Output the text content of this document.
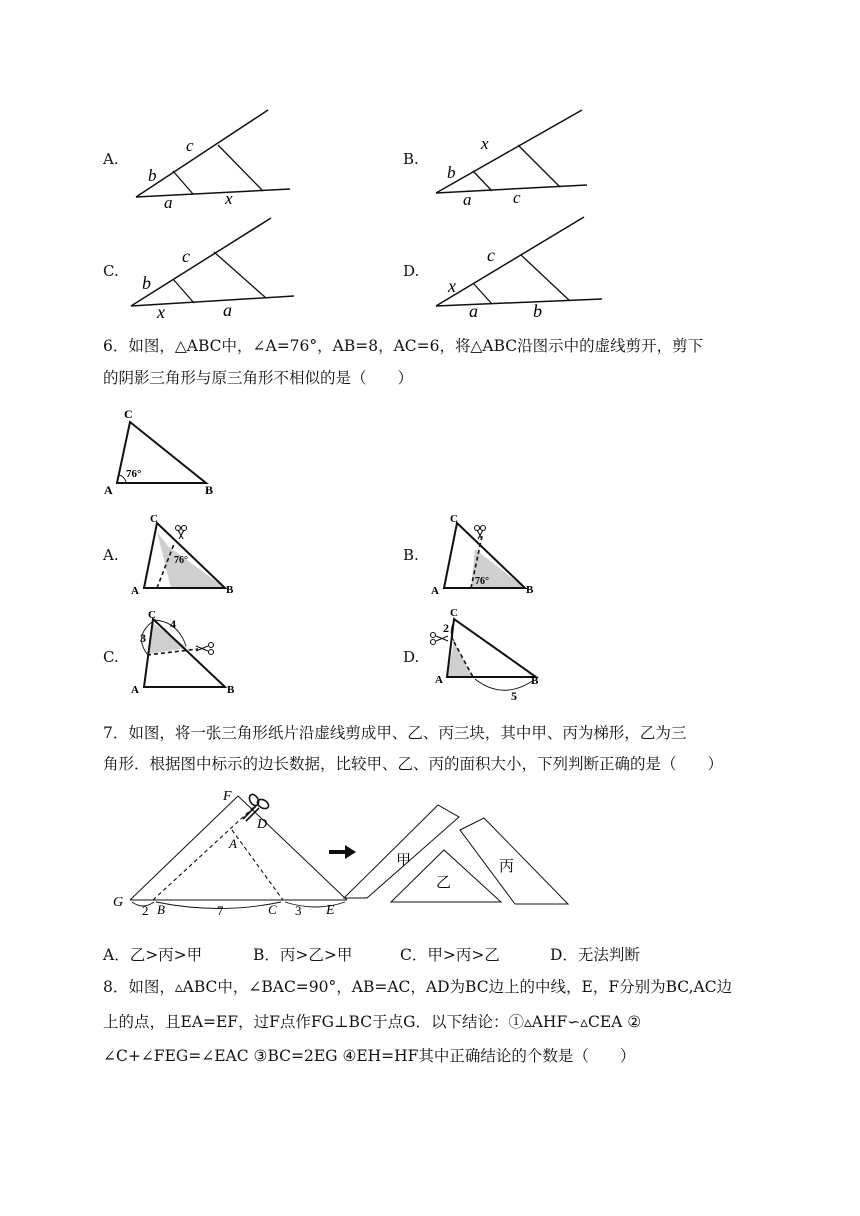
A.
c
b
a	x
B.
x
b
a c
C.
c
b
x	a
D.
c
x
a	b
6．如图，△ABC中，∠A=76°，AB=8，AC=6，将△ABC沿图示中的虚线剪开，剪下
的阴影三角形与原三角形不相似的是（　　）
C
A	B
76°
A.
C
A	B
76°	B.
C
A	B
76°
C.
C
A	B
3
4
D.
C
A	B
2
5
7．如图，将一张三角形纸片沿虚线剪成甲、乙、丙三块，其中甲、丙为梯形，乙为三
角形．根据图中标示的边长数据，比较甲、乙、丙的面积大小，下列判断正确的是（　　）
F
D
A
G	B	C	E
2	7	3
甲
乙
丙
A．乙>丙>甲	B．丙>乙>甲	C．甲>丙>乙	D．无法判断
8．如图，▵ABC中，∠BAC=90°，AB=AC，AD为BC边上的中线，E，F分别为BC,AC边
上的点，且EA=EF，过F点作FG⊥BC于点G．以下结论：①▵AHF∽▵CEA ②
∠C+∠FEG=∠EAC ③BC=2EG ④EH=HF其中正确结论的个数是（　　）
